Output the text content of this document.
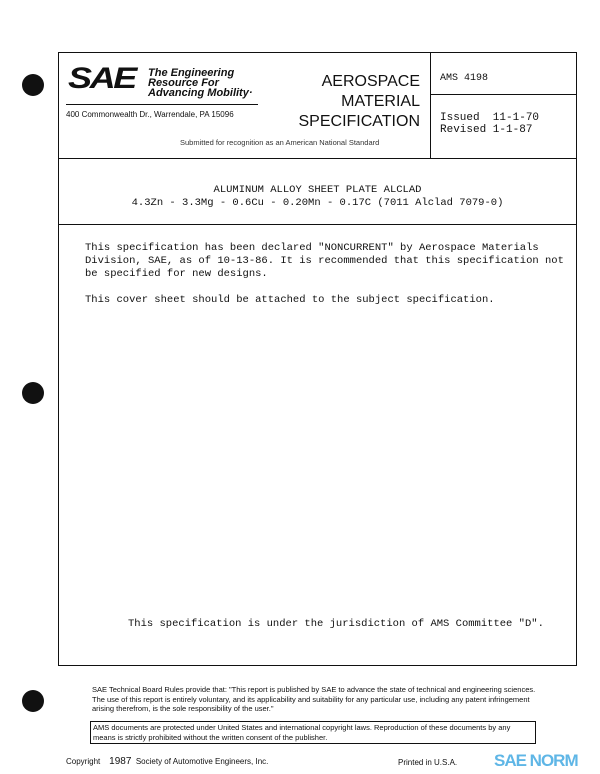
SAE The Engineering
Resource For
Advancing Mobility·
400 Commonwealth Dr., Warrendale, PA 15096
AEROSPACE
MATERIAL
SPECIFICATION
Submitted for recognition as an American National Standard
AMS 4198
Issued  11-1-70
Revised 1-1-87
ALUMINUM ALLOY SHEET PLATE ALCLAD
4.3Zn - 3.3Mg - 0.6Cu - 0.20Mn - 0.17C (7011 Alclad 7079-0)
This specification has been declared "NONCURRENT" by Aerospace Materials Division, SAE, as of 10-13-86. It is recommended that this specification not be specified for new designs.
This cover sheet should be attached to the subject specification.
This specification is under the jurisdiction of AMS Committee "D".
SAE Technical Board Rules provide that: "This report is published by SAE to advance the state of technical and engineering sciences. The use of this report is entirely voluntary, and its applicability and suitability for any particular use, including any patent infringement arising therefrom, is the sole responsibility of the user."
AMS documents are protected under United States and international copyright laws. Reproduction of these documents by any means is strictly prohibited without the written consent of the publisher.
Copyright 1987 Society of Automotive Engineers, Inc.	Printed in U.S.A. SAE NORM
